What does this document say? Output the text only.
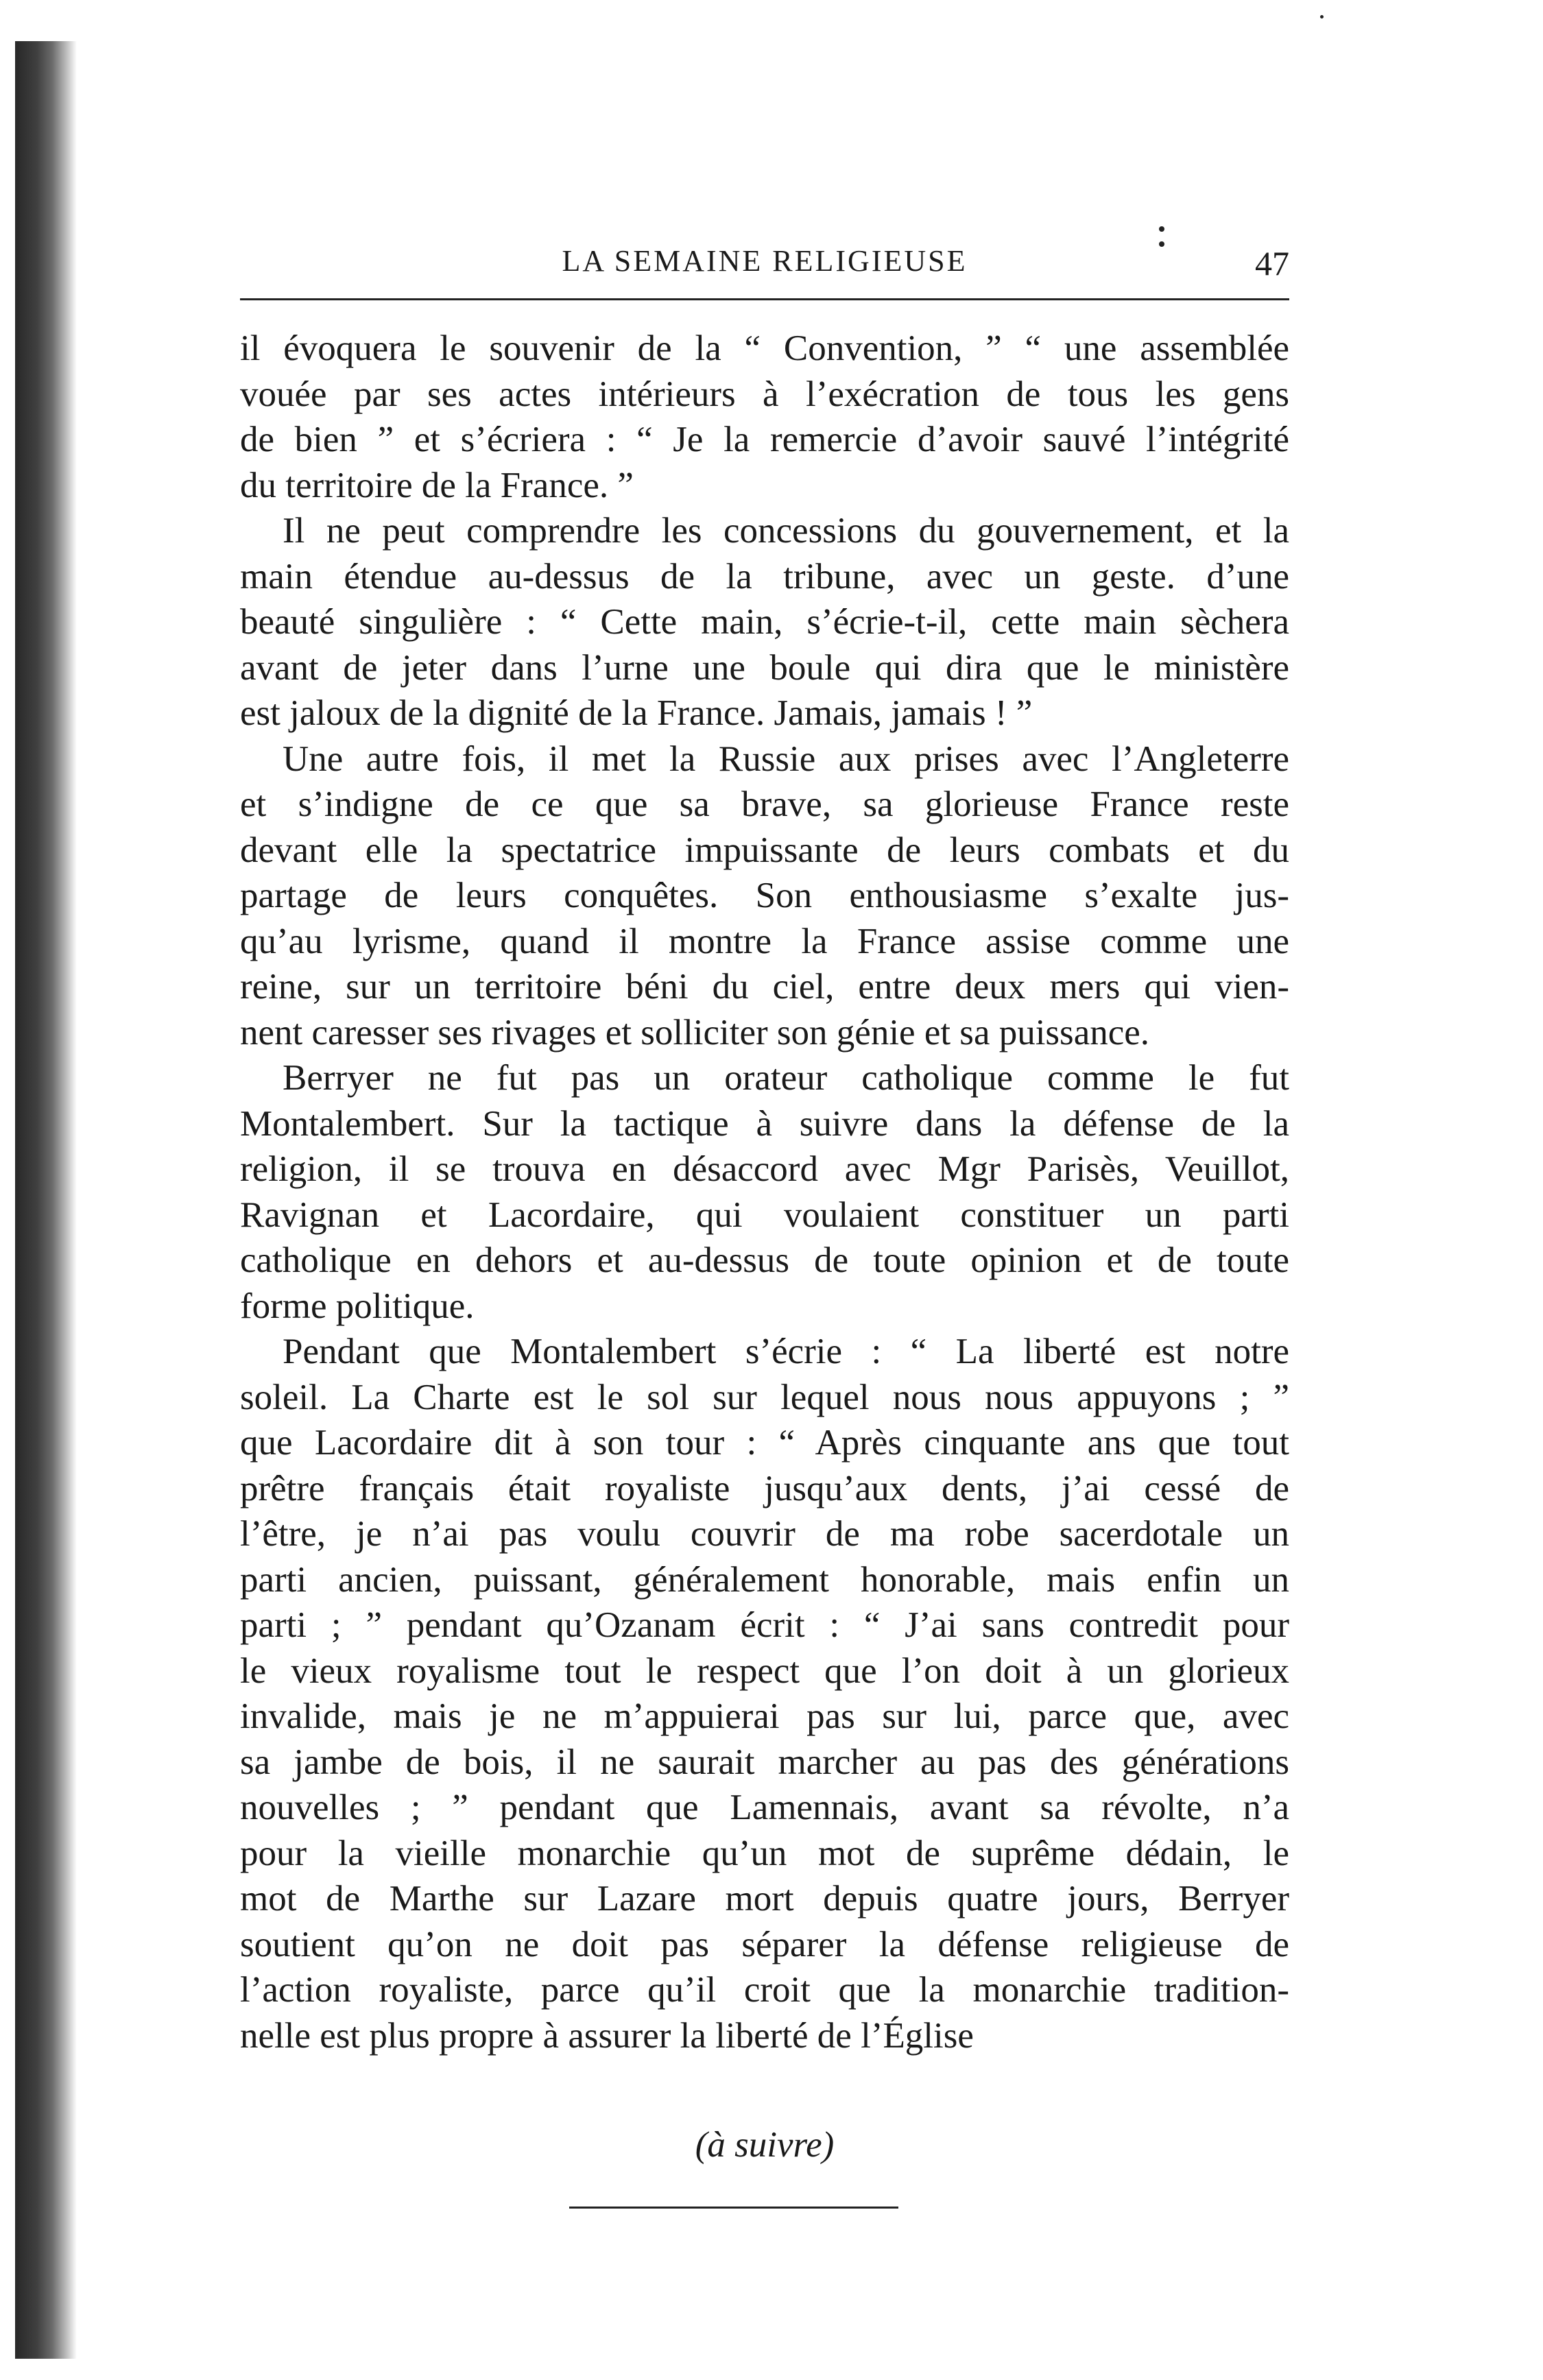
LA SEMAINE RELIGIEUSE	47
il évoquera le souvenir de la “ Convention, ” “ une assemblée
vouée par ses actes intérieurs à l’exécration de tous les gens
de bien ” et s’écriera : “ Je la remercie d’avoir sauvé l’intégrité
du territoire de la France. ”
Il ne peut comprendre les concessions du gouvernement, et la
main étendue au-dessus de la tribune, avec un geste. d’une
beauté singulière : “ Cette main, s’écrie-t-il, cette main sèchera
avant de jeter dans l’urne une boule qui dira que le ministère
est jaloux de la dignité de la France. Jamais, jamais ! ”
Une autre fois, il met la Russie aux prises avec l’Angleterre
et s’indigne de ce que sa brave, sa glorieuse France reste
devant elle la spectatrice impuissante de leurs combats et du
partage de leurs conquêtes. Son enthousiasme s’exalte jus-
qu’au lyrisme, quand il montre la France assise comme une
reine, sur un territoire béni du ciel, entre deux mers qui vien-
nent caresser ses rivages et solliciter son génie et sa puissance.
Berryer ne fut pas un orateur catholique comme le fut
Montalembert. Sur la tactique à suivre dans la défense de la
religion, il se trouva en désaccord avec Mgr Parisès, Veuillot,
Ravignan et Lacordaire, qui voulaient constituer un parti
catholique en dehors et au-dessus de toute opinion et de toute
forme politique.
Pendant que Montalembert s’écrie : “ La liberté est notre
soleil. La Charte est le sol sur lequel nous nous appuyons ; ”
que Lacordaire dit à son tour : “ Après cinquante ans que tout
prêtre français était royaliste jusqu’aux dents, j’ai cessé de
l’être, je n’ai pas voulu couvrir de ma robe sacerdotale un
parti ancien, puissant, généralement honorable, mais enfin un
parti ; ” pendant qu’Ozanam écrit : “ J’ai sans contredit pour
le vieux royalisme tout le respect que l’on doit à un glorieux
invalide, mais je ne m’appuierai pas sur lui, parce que, avec
sa jambe de bois, il ne saurait marcher au pas des générations
nouvelles ; ” pendant que Lamennais, avant sa révolte, n’a
pour la vieille monarchie qu’un mot de suprême dédain, le
mot de Marthe sur Lazare mort depuis quatre jours, Berryer
soutient qu’on ne doit pas séparer la défense religieuse de
l’action royaliste, parce qu’il croit que la monarchie tradition-
nelle est plus propre à assurer la liberté de l’Église
(à suivre)
